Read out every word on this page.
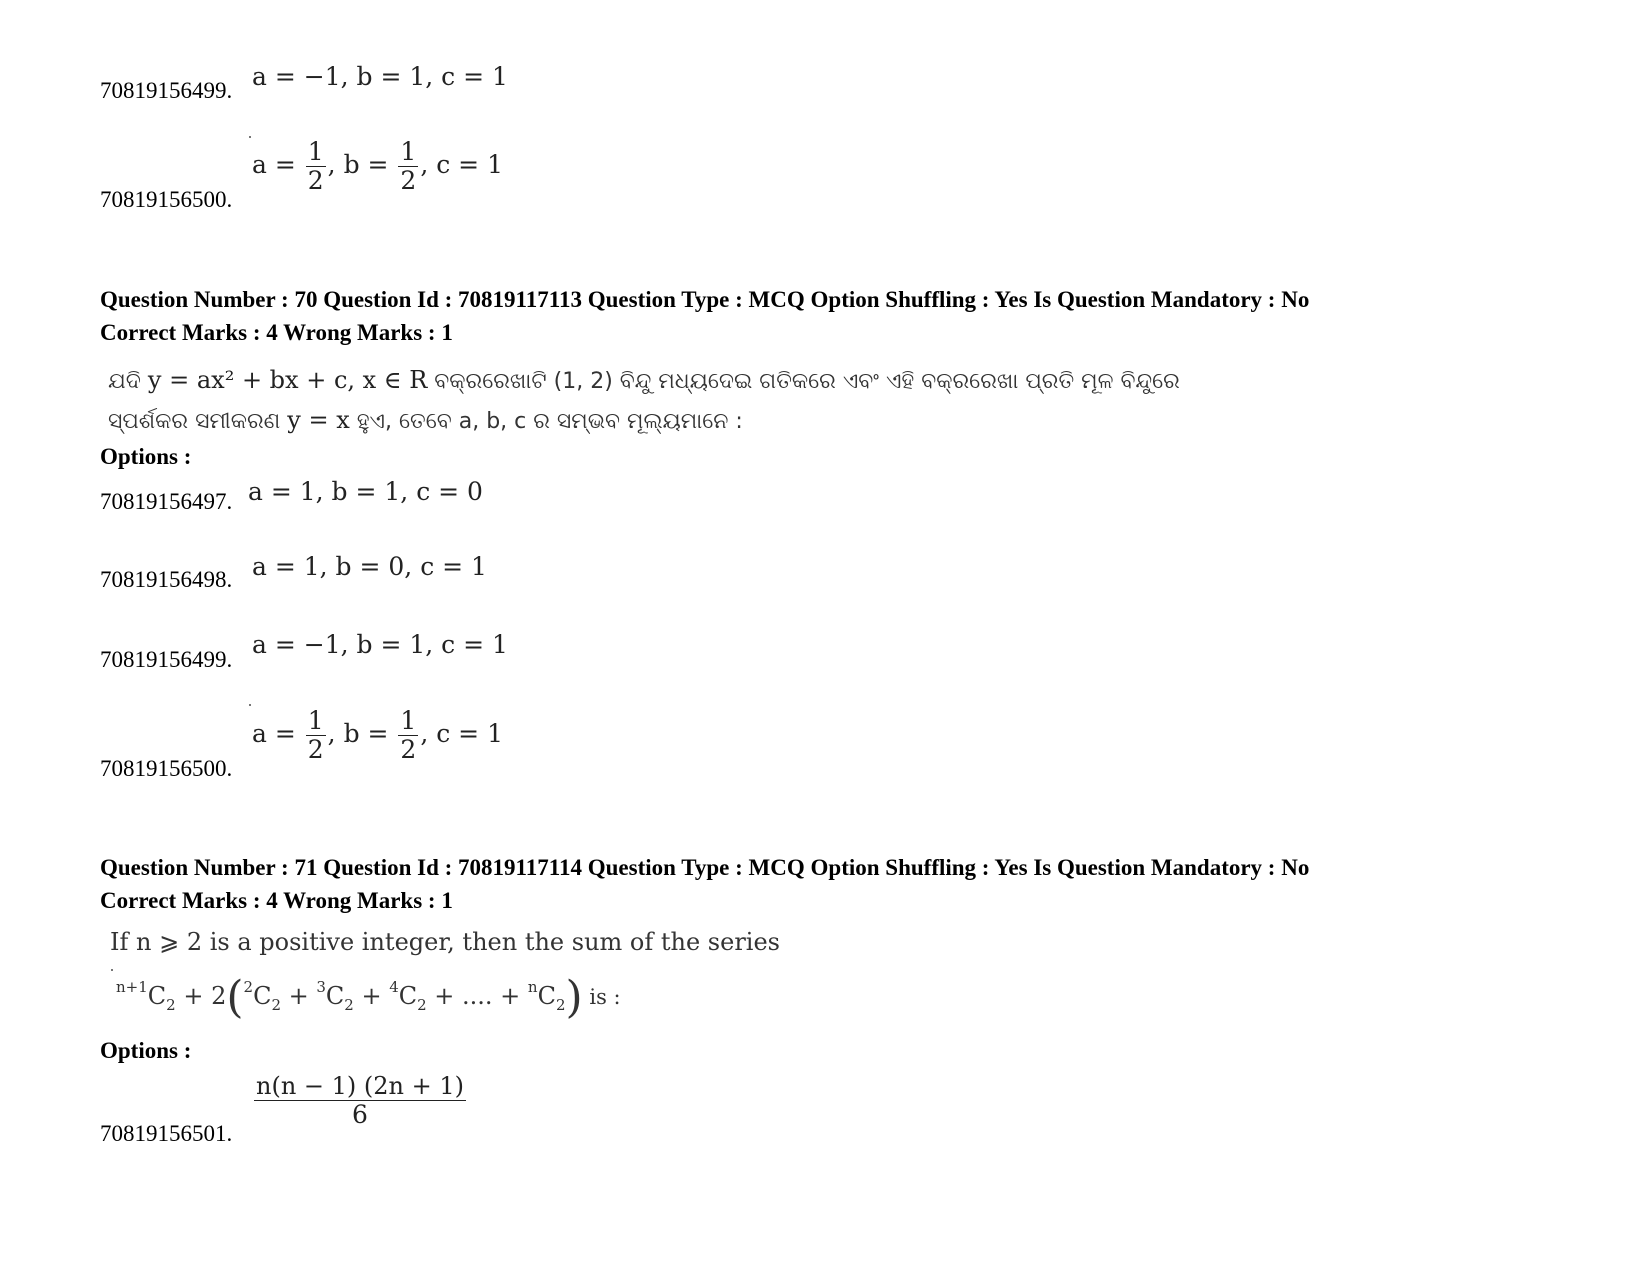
70819156499. a = −1, b = 1, c = 1
70819156500.
$a = \frac{1}{2}$ , $b = \frac{1}{2}$ , c = 1
Question Number : 70 Question Id : 70819117113 Question Type : MCQ Option Shuffling : Yes Is Question Mandatory : No
Correct Marks : 4 Wrong Marks : 1
ଯଦି y = ax² + bx + c, x ∈ R ବକ୍ରରେଖାଟି (1, 2) ବିନ୍ଦୁ ମଧ୍ୟଦେଇ ଗତିକରେ ଏବଂ ଏହି ବକ୍ରରେଖା ପ୍ରତି ମୂଳ ବିନ୍ଦୁରେ
ସ୍ପର୍ଶକର ସମୀକରଣ y = x ହୁଏ, ତେବେ a, b, c ର ସମ୍ଭବ ମୂଲ୍ୟମାନେ :
Options :
70819156497. a = 1, b = 1, c = 0
70819156498. a = 1, b = 0, c = 1
70819156499.
a = −1, b = 1, c = 1
70819156500.
$a = \frac{1}{2}$ , $b = \frac{1}{2}$ , c = 1
Question Number : 71 Question Id : 70819117114 Question Type : MCQ Option Shuffling : Yes Is Question Mandatory : No
Correct Marks : 4 Wrong Marks : 1
If n ⩾ 2 is a positive integer, then the sum of the series
$^{n+1}C_2 + 2(^2C_2 + ^3C_2 + ^4C_2$ + .... + $^nC_2$) is :
Options :
70819156501.
$\frac{n(n - 1) (2n + 1)}{6}$
